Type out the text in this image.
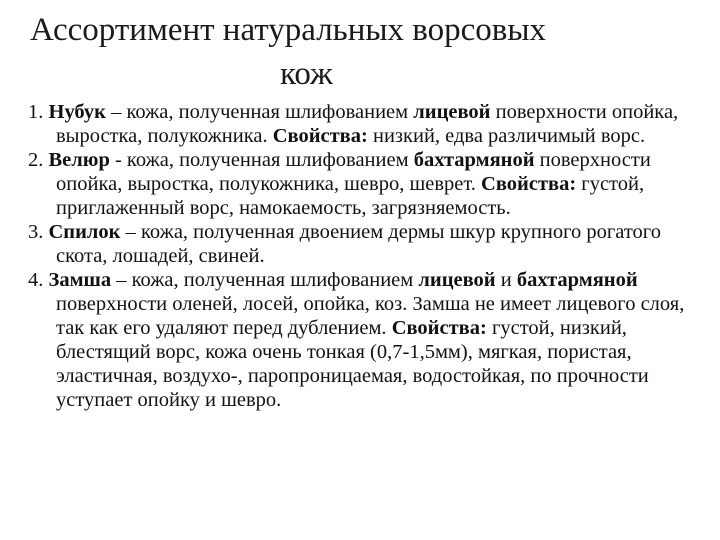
Ассортимент натуральных ворсовых
кож
1. Нубук – кожа, полученная шлифованием лицевой поверхности опойка, выростка, полукожника. Свойства: низкий, едва различимый ворс.
2. Велюр - кожа, полученная шлифованием бахтармяной поверхности опойка, выростка, полукожника, шевро, шеврет. Свойства: густой, приглаженный ворс, намокаемость, загрязняемость.
3. Спилок – кожа, полученная двоением дермы шкур крупного рогатого скота, лошадей, свиней.
4. Замша – кожа, полученная шлифованием лицевой и бахтармяной поверхности оленей, лосей, опойка, коз. Замша не имеет лицевого слоя, так как его удаляют перед дублением. Свойства: густой, низкий, блестящий ворс, кожа очень тонкая (0,7-1,5мм), мягкая, пористая, эластичная, воздухо-, паропроницаемая, водостойкая, по прочности уступает опойку и шевро.
